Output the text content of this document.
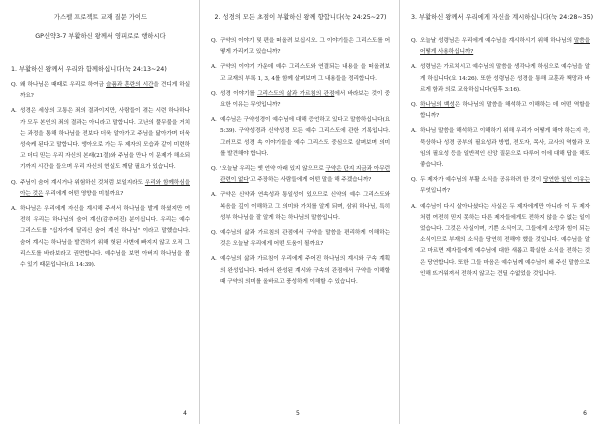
가스펠 프로젝트 교재 질문 가이드
GP신약3-7 부활하신 왕께서 영피로로 행하시다
1. 부활하신 왕께서 우리와 함께하십니다(눅 24:13~24)
Q. 왜 하나님은 때때로 우리로 하여금 슬픔과 혼란의 시간을 견디게 하실까요?
A. 성경은 세상의 고통은 죄의 결과이지만, 사람들이 겪는 시련 하나하나가 모두 본인의 죄의 결과는 아니라고 말합니다. 고난의 풀무불을 거치는 과정을 통해 하나님을 전보다 더욱 알아가고 주님을 닮아가며 더욱 성숙케 된다고 말합니다. 앵아오로 가는 두 제자의 모습과 같이 미련하고 더디 믿는 우리 자신의 본래(21절)와 주님을 만나 이 문제가 해소되기까지 시간을 들으며 우리 자신의 현실도 깨달 필요가 있습니다.
Q. 주님이 숨어 계시거나 위험하신 것처럼 보일지라도 우리와 함께하심을 아는 것은 우리에게 어떤 영향을 미칠까요?
A. 하나님은 우리에게 자신을 계시해 주셔서 하나님을 발게 하셨지만 여전히 우리는 하나님의 숨어 계신(감추어진) 분이십니다. 우리는 예수 그리스도를 "십자가에 달리신 숨어 계신 하나님" 이라고 말했습니다. 숨어 계시는 하나님을 발견하기 위해 헛된 사변에 빠지지 않고 오직 그리스도를 바라보라고 권면합니다. 예수님을 보면 아버지 하나님을 볼 수 있기 때문입니다(요 14:39).
4
2. 성경의 모든 초점이 부활하신 왕께 향합니다(눅 24:25~27)
Q. 구약의 이야기 및 편을 떠올려 보십시오. 그 이야기들은 그리스도를 어떻게 가리키고 있습니까?
A. 구약의 이야기 가운데 예수 그리스도와 연결되는 내용을 을 떠올려보고 교재의 부록 1, 3, 4를 함께 살펴보며 그 내용들을 정리합니다.
Q. 성경 이야기를 그리스도의 삶과 가르침의 관점에서 바라보는 것이 중요한 이유는 무엇입니까?
A. 예수님은 구약성경이 예수님에 대해 증언하고 있다고 말씀하십니다(요 5:39). 구약성경과 신약성경 모든 예수 그리스도에 관한 기록입니다. 그러므로 성경 속 이야기들을 예수 그리스도 중심으로 살펴보며 의미를 발견해야 합니다.
Q. '오늘날 우리는 옛 언약 아래 있지 않으므로 구약은 단지 지금과 아무런 관련이 없다'고 주장하는 사람들에게 어떤 말을 해 주겠습니까?
A. 구약은 신약과 연속성과 통일성이 있으므로 신약의 예수 그리스도와 복음을 깊이 이해하고 그 의미와 가치를 알게 되며, 삼위 하나님, 특히 성부 하나님을 잘 알게 하는 하나님의 말씀입니다.
Q. 예수님의 삶과 가르침의 관점에서 구약을 말씀을 편리하게 이해하는 것은 오늘날 우리에게 어떤 도움이 될까요?
A. 예수님의 삶과 가르침이 우리에게 주어진 하나님의 계시와 구속 계획의 완성입니다. 따라서 완성된 계시와 구속의 관점에서 구약을 이해할 때 구약의 의미를 올바르고 풍성하게 이해할 수 있습니다.
5
3. 부활하신 왕께서 우리에게 자신을 계시하십니다(눅 24:28~35)
Q. 오늘날 성령님은 우리에게 예수님을 계시하시기 위해 하나님의 말씀을 어떻게 사용하십니까?
A. 성령님은 가르치시고 예수님의 말씀을 생각나게 하심으로 예수님을 알게 하십니다(요 14:26). 또한 성령님은 성경을 통해 교훈과 책망과 바르게 함과 의로 교육하십니다(딤후 3:16).
Q. 하나님의 백성은 하나님의 말씀을 해석하고 이해하는 데 어떤 역할을 합니까?
A. 하나님 말씀을 해석하고 이해하기 위해 우리가 어떻게 해야 하는지 즉, 묵상하나 성경 공부의 필요성과 방법, 전도자, 목사, 교사의 역할과 모임의 필요성 등을 일반적인 신앙 질문으로 다루어 이에 대해 답을 해도 좋습니다.
Q. 두 제자가 예수님의 부활 소식을 공유하려 한 것이 당연한 일인 이유는 무엇입니까?
A. 예수님이 다시 살아나셨다는 사실은 두 제자에게만 아니라 이 두 제자처럼 여전히 믿지 못하는 다른 제자들에게도 전하지 않을 수 없는 일이었습니다. 그것은 사실이며, 기쁜 소식이고, 그들에게 소망과 힘이 되는 소식이므로 부재의 소식을 당연히 전해야 했을 것입니다. 예수님을 알고 마르면 제자들에게 예수님에 대한 새롭고 확실한 소식을 전하는 것은 당연합니다. 또한 그들 마음은 예수님께 예수님이 왜 주신 말씀으로 인해 뜨거워져서 전하지 않고는 견딜 수없었을 것입니다.
6
